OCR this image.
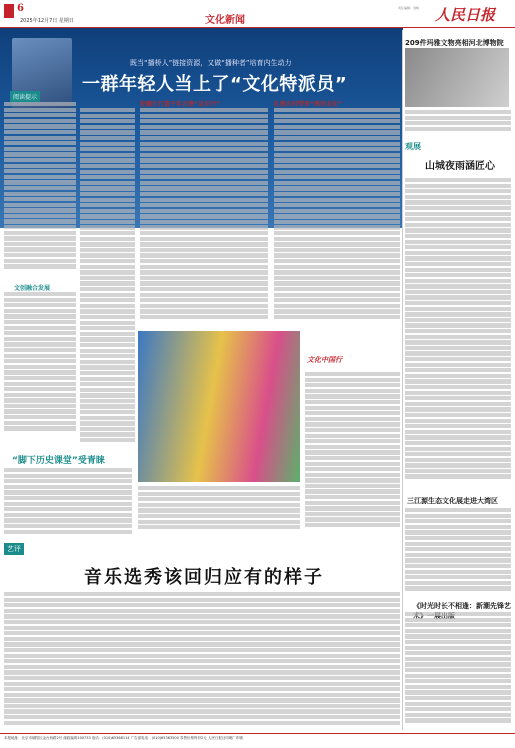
6
2025年12月7日 星期日	文化新闻
责任编辑：刘畅 人民日报
既当“播桥人”链接资源，又做“播种者”培育内生动力
一群年轻人当上了“文化特派员”
阅读提示
文创融合发展
“脚下历史课堂”受青睐
挖掘片打造千年古堡“灵乡行”	扎根乡村带来“两岸友化”
文化中国行
艺评
音乐选秀该回归应有的样子
209件玛雅文物亮相河北博物院
观展
山城夜雨涵匠心
三江源生态文化展走进大湾区
《时光时长不相逢：新潮先锋艺
本报地址：北京市朝阳区金台西路2号 邮政编码100733 电话：(010)65368114 广告部电话：(010)65363500 零售价格每份2元 人民日报社印刷厂印刷
